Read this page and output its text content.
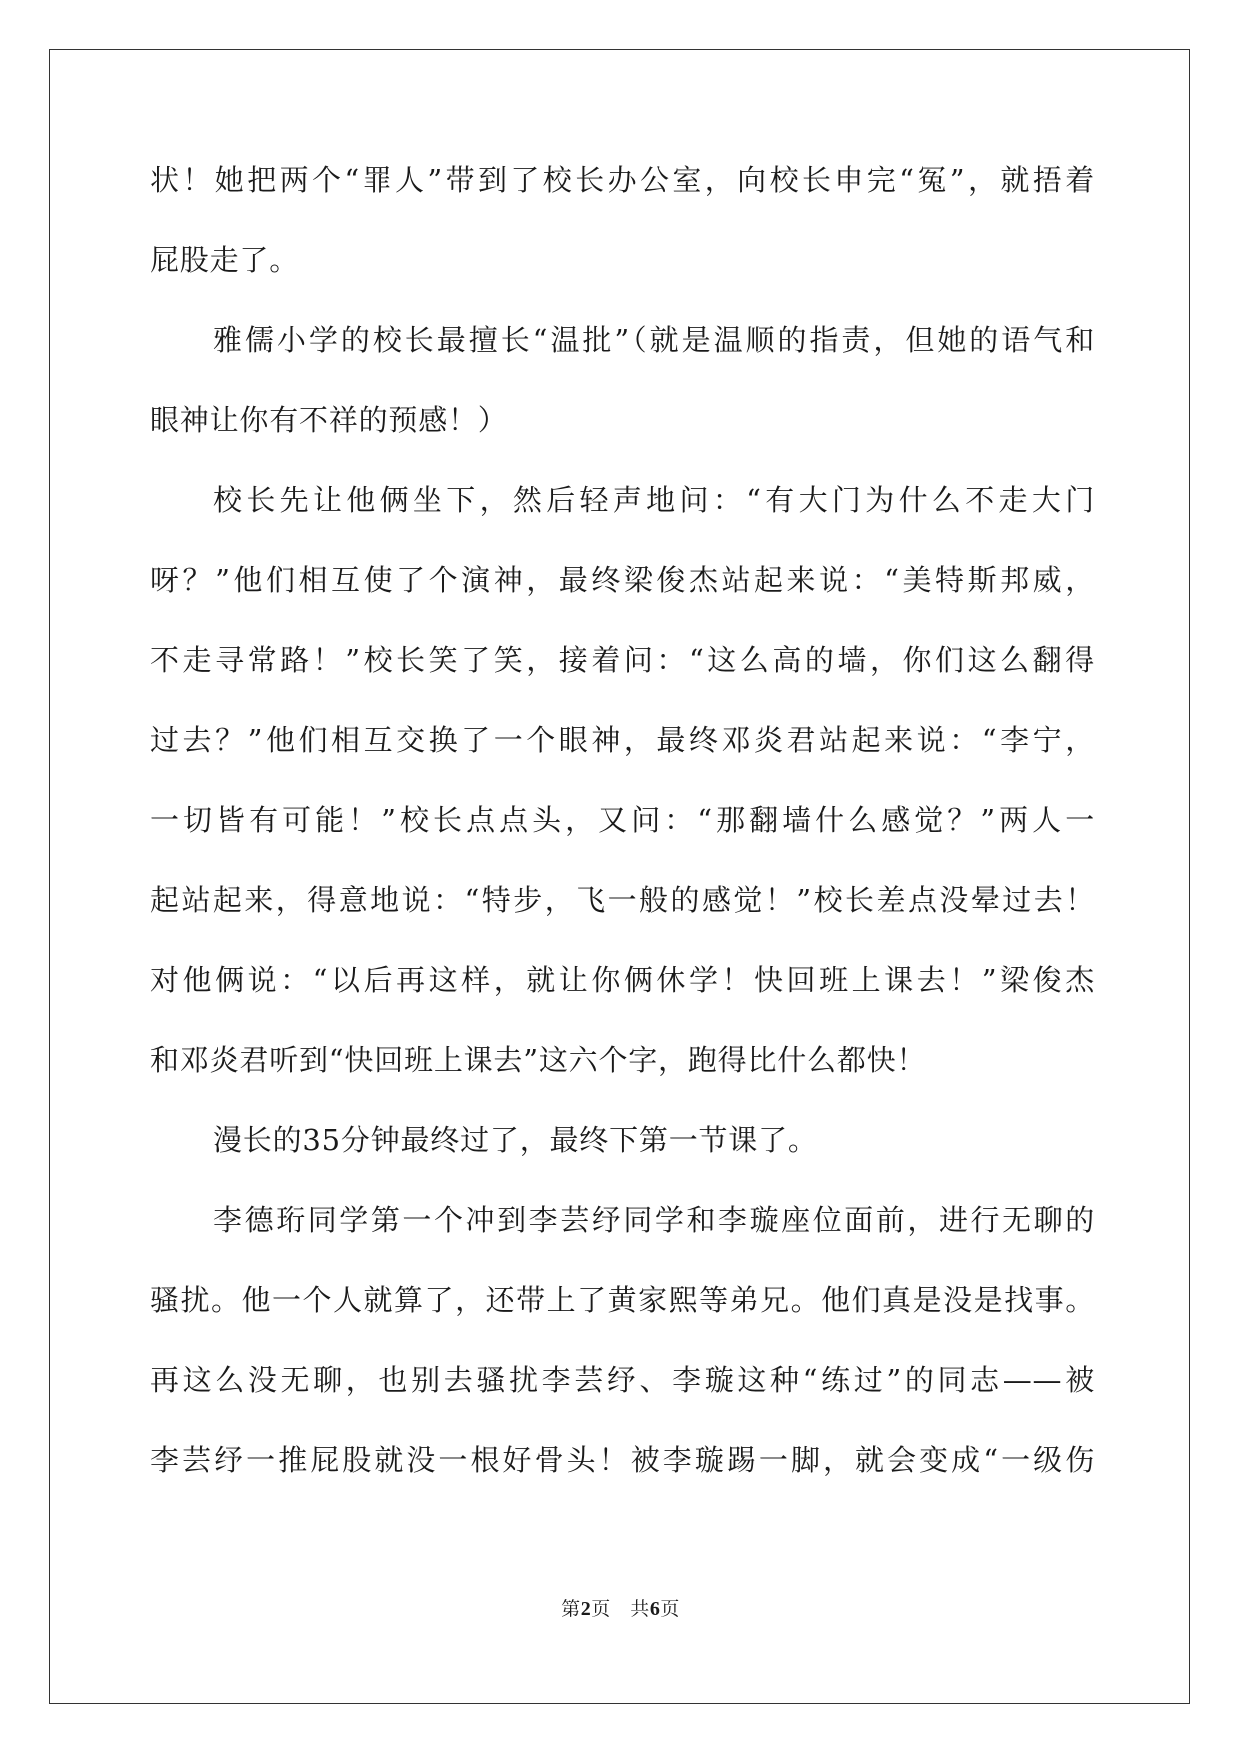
状！她把两个“罪人”带到了校长办公室，向校长申完“冤”，就捂着
屁股走了。
雅儒小学的校长最擅长“温批”（就是温顺的指责，但她的语气和
眼神让你有不祥的预感！）
校长先让他俩坐下，然后轻声地问：“有大门为什么不走大门
呀？”他们相互使了个演神，最终梁俊杰站起来说：“美特斯邦威，
不走寻常路！”校长笑了笑，接着问：“这么高的墙，你们这么翻得
过去？”他们相互交换了一个眼神，最终邓炎君站起来说：“李宁，
一切皆有可能！”校长点点头，又问：“那翻墙什么感觉？”两人一
起站起来，得意地说：“特步，飞一般的感觉！”校长差点没晕过去！
对他俩说：“以后再这样，就让你俩休学！快回班上课去！”梁俊杰
和邓炎君听到“快回班上课去”这六个字，跑得比什么都快！
漫长的35分钟最终过了，最终下第一节课了。
李德珩同学第一个冲到李芸纾同学和李璇座位面前，进行无聊的
骚扰。他一个人就算了，还带上了黄家熙等弟兄。他们真是没是找事。
再这么没无聊，也别去骚扰李芸纾、李璇这种“练过”的同志——被
李芸纾一推屁股就没一根好骨头！被李璇踢一脚，就会变成“一级伤
第2页   共6页
